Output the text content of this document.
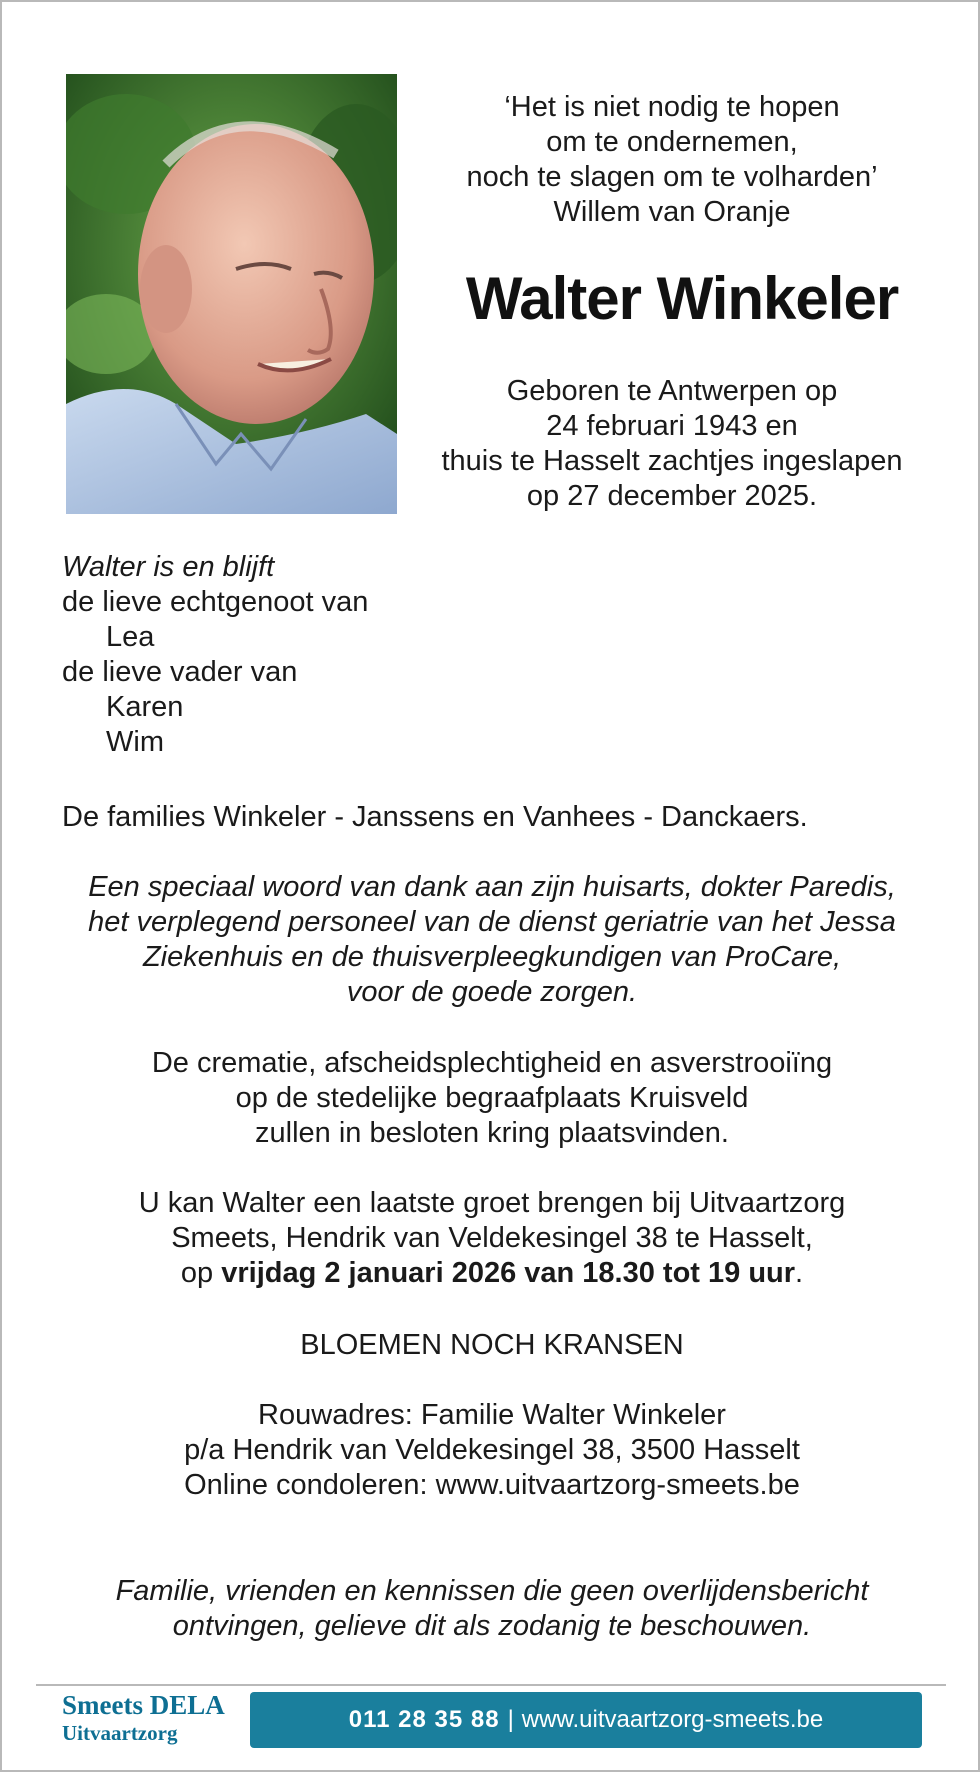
‘Het is niet nodig te hopen
om te ondernemen,
noch te slagen om te volharden’
Willem van Oranje
Walter Winkeler
Geboren te Antwerpen op
24 februari 1943 en
thuis te Hasselt zachtjes ingeslapen
op 27 december 2025.
Walter is en blijft
de lieve echtgenoot van
Lea
de lieve vader van
Karen
Wim
De families Winkeler - Janssens en Vanhees - Danckaers.
Een speciaal woord van dank aan zijn huisarts, dokter Paredis,
het verplegend personeel van de dienst geriatrie van het Jessa
Ziekenhuis en de thuisverpleegkundigen van ProCare,
voor de goede zorgen.
De crematie, afscheidsplechtigheid en asverstrooiïng
op de stedelijke begraafplaats Kruisveld
zullen in besloten kring plaatsvinden.
U kan Walter een laatste groet brengen bij Uitvaartzorg
Smeets, Hendrik van Veldekesingel 38 te Hasselt,
op vrijdag 2 januari 2026 van 18.30 tot 19 uur.
BLOEMEN NOCH KRANSEN
Rouwadres: Familie Walter Winkeler
p/a Hendrik van Veldekesingel 38, 3500 Hasselt
Online condoleren: www.uitvaartzorg-smeets.be
Familie, vrienden en kennissen die geen overlijdensbericht
ontvingen, gelieve dit als zodanig te beschouwen.
Smeets DELA
Uitvaartzorg	011 28 35 88 | www.uitvaartzorg-smeets.be
